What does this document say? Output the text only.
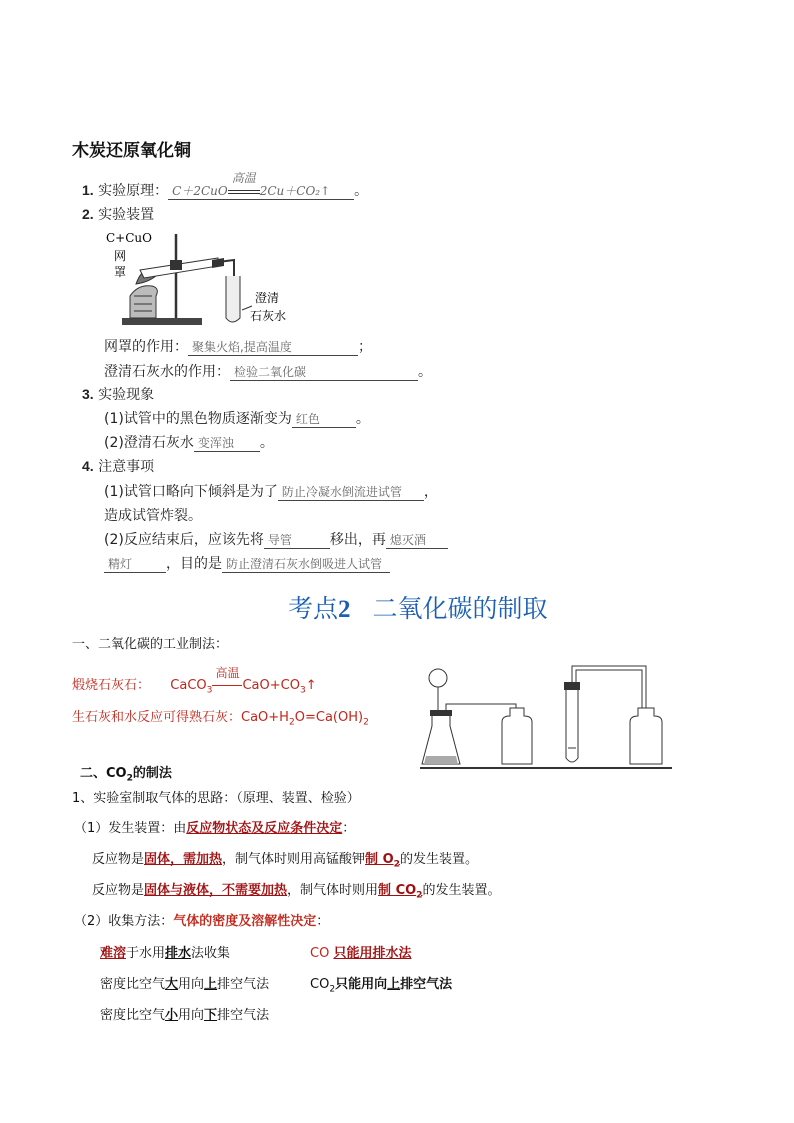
木炭还原氧化铜
1. 实验原理： C＋2CuO
高温
2Cu＋CO₂↑ 。
2. 实验装置
C+CuO
网
罩
澄清
石灰水
网罩的作用： 聚集火焰,提高温度	；
澄清石灰水的作用： 检验二氧化碳	。
3. 实验现象
(1)试管中的黑色物质逐渐变为 红色	。
(2)澄清石灰水 变浑浊 。
4. 注意事项
(1)试管口略向下倾斜是为了 防止冷凝水倒流进试管 ，
造成试管炸裂。
(2)反应结束后，应该先将 导管	移出，再 熄灭酒
精灯 ，目的是 防止澄清石灰水倒吸进人试管
考点2 二氧化碳的制取
一、二氧化碳的工业制法：
煅烧石灰石： CaCO$_3$
高温
$CaO+CO_3↑$
生石灰和水反应可得熟石灰：$CaO+H_2O=Ca(OH)_2$
二、$CO_2$的制法
1、实验室制取气体的思路：（原理、装置、检验）
（1）发生装置：由反应物状态及反应条件决定：
反应物是固体，需加热，制气体时则用高锰酸钾制 $O_2$的发生装置。
反应物是固体与液体，不需要加热，制气体时则用制 $CO_2$的发生装置。
（2）收集方法：气体的密度及溶解性决定：
难溶于水用排水法收集	CO 只能用排水法
密度比空气大用向上排空气法	$CO_2$只能用向上排空气法
密度比空气小用向下排空气法
